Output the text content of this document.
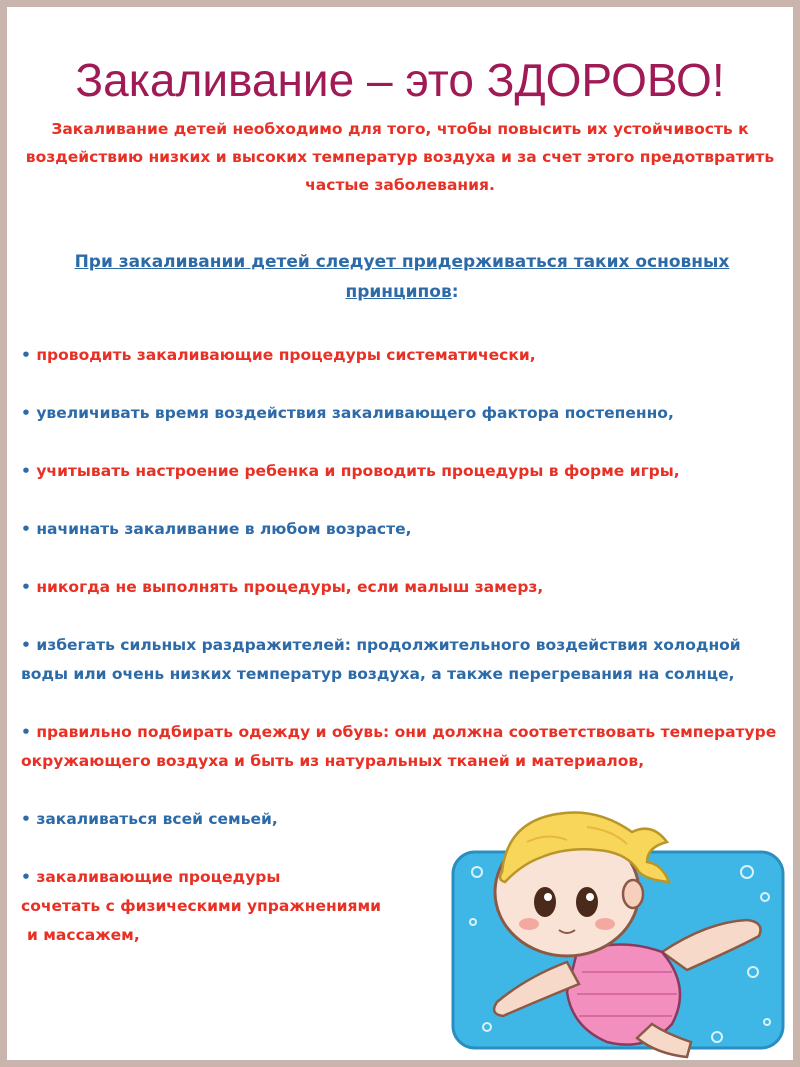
Закаливание – это ЗДОРОВО!
Закаливание детей необходимо для того, чтобы повысить их устойчивость к воздействию низких и высоких температур воздуха и за счет этого предотвратить частые заболевания.
При закаливании детей следует придерживаться таких основных принципов:
• проводить закаливающие процедуры систематически,
• увеличивать время воздействия закаливающего фактора постепенно,
• учитывать настроение ребенка и проводить процедуры в форме игры,
• начинать закаливание в любом возрасте,
• никогда не выполнять процедуры, если малыш замерз,
• избегать сильных раздражителей: продолжительного воздействия холодной воды или очень низких температур воздуха, а также перегревания на солнце,
• правильно подбирать одежду и обувь: они должна соответствовать температуре окружающего воздуха и быть из натуральных тканей и материалов,
• закаливаться всей семьей,
• закаливающие процедуры
сочетать с физическими упражнениями
и массажем,
